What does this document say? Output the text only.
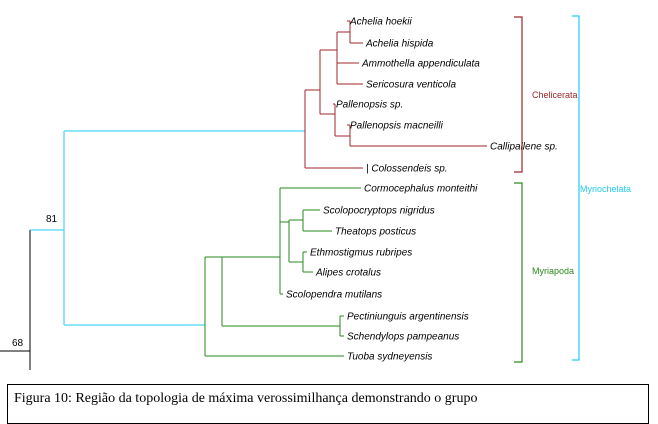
Achelia hoekii
Achelia hispida
Ammothella appendiculata
Sericosura venticola
Pallenopsis sp.
Pallenopsis macneilli
Callipallene sp.
| Colossendeis sp.
Cormocephalus monteithi
Scolopocryptops nigridus
Theatops posticus
Ethmostigmus rubripes
Alipes crotalus
Scolopendra mutilans
Pectiniunguis argentinensis
Schendylops pampeanus
Tuoba sydneyensis
68
81
Chelicerata
Myriapoda
Myriochelata
Figura 10: Região da topologia de máxima verossimilhança demonstrando o grupo
